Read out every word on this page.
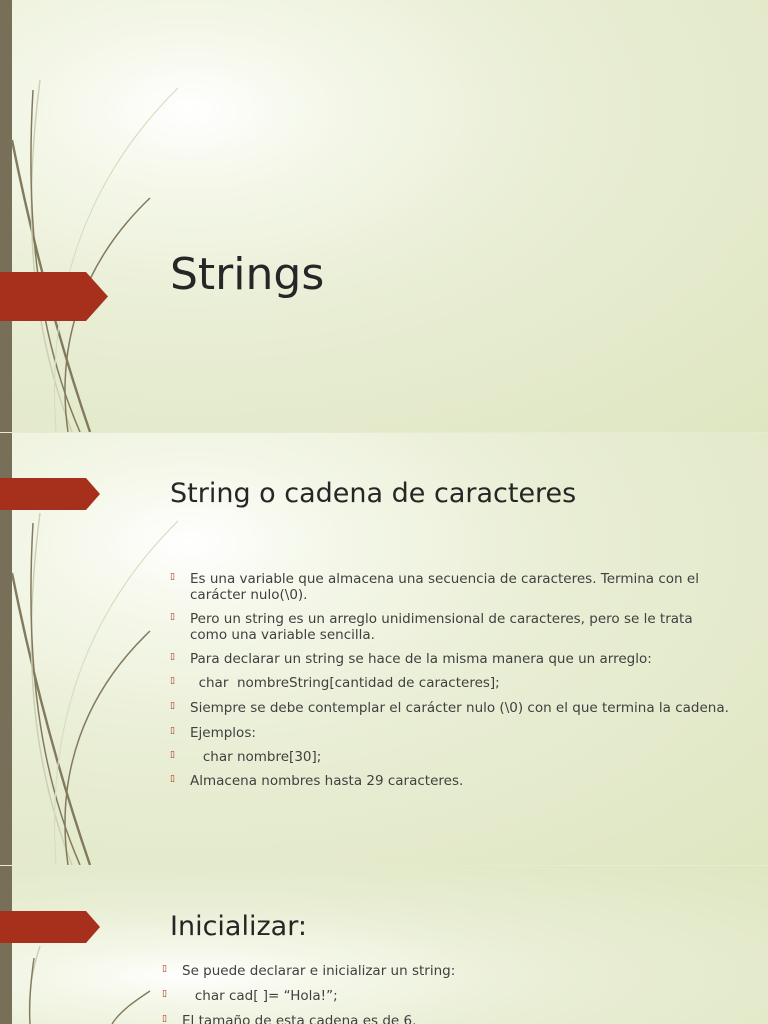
Strings
String o cadena de caracteres
▯ Es una variable que almacena una secuencia de caracteres. Termina con el carácter nulo(\0).
▯ Pero un string es un arreglo unidimensional de caracteres, pero se le trata como una variable sencilla.
▯ Para declarar un string se hace de la misma manera que un arreglo:
▯ char  nombreString[cantidad de caracteres];
▯ Siempre se debe contemplar el carácter nulo (\0) con el que termina la cadena.
▯ Ejemplos:
▯ char nombre[30];
▯ Almacena nombres hasta 29 caracteres.
Inicializar:
▯ Se puede declarar e inicializar un string:
▯ char cad[ ]= “Hola!”;
▯ El tamaño de esta cadena es de 6.
